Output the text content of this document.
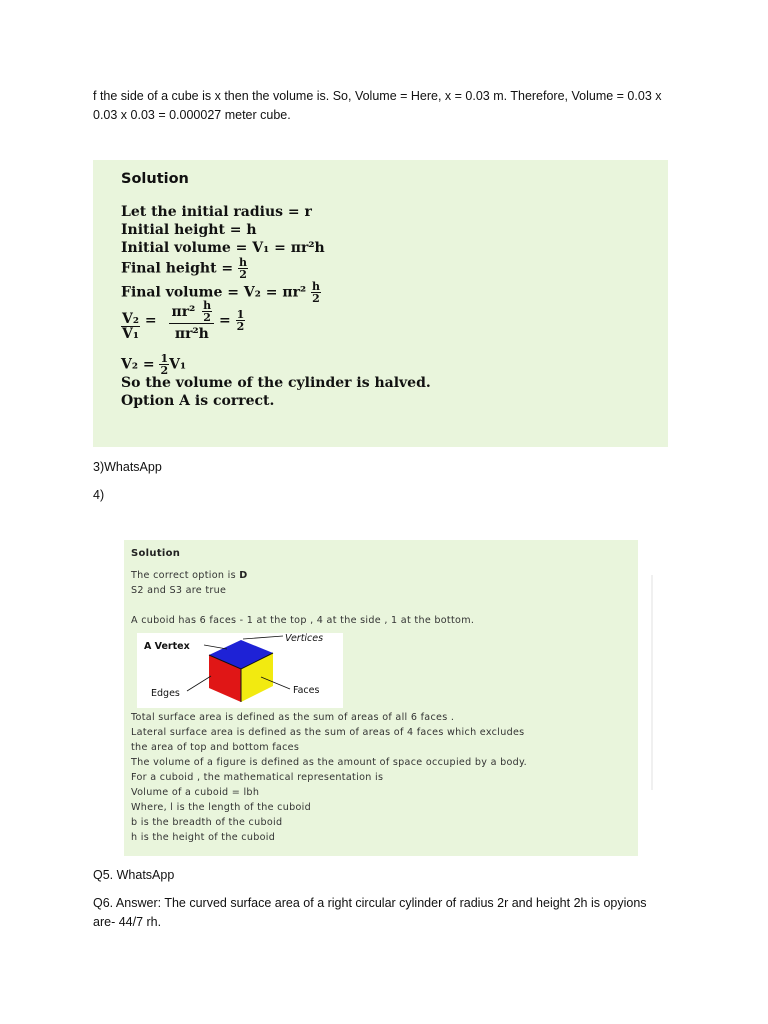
f the side of a cube is x then the volume is. So, Volume = Here, x = 0.03 m. Therefore, Volume = 0.03 x
0.03 x 0.03 = 0.000027 meter cube.
Solution
Let the initial radius = r
Initial height = h
Initial volume = V₁ = πr²h
Final height = $\frac{h}{2}$
Final volume = $V_2 = \pi r^2 \frac{h}{2}$
$\frac{\text{V₂}}{\text{V₁}} = \frac{\pi r^2 \frac{h}{2}}{\text{πr²h}} = \frac{1}{2}$
$V_2 = \frac{1}{2} V_1$
So the volume of the cylinder is halved.
Option A is correct.
3)WhatsApp
4)
Solution
The correct option is D
S2 and S3 are true
A cuboid has 6 faces - 1 at the top , 4 at the side , 1 at the bottom.
A Vertex
Vertices
Edges	Faces
Total surface area is defined as the sum of areas of all 6 faces .
Lateral surface area is defined as the sum of areas of 4 faces which excludes
the area of top and bottom faces
The volume of a figure is defined as the amount of space occupied by a body.
For a cuboid , the mathematical representation is
Volume of a cuboid = lbh
Where, l is the length of the cuboid
b is the breadth of the cuboid
h is the height of the cuboid
Q5. WhatsApp
Q6. Answer: The curved surface area of a right circular cylinder of radius 2r and height 2h is opyions
are- 44/7 rh.
